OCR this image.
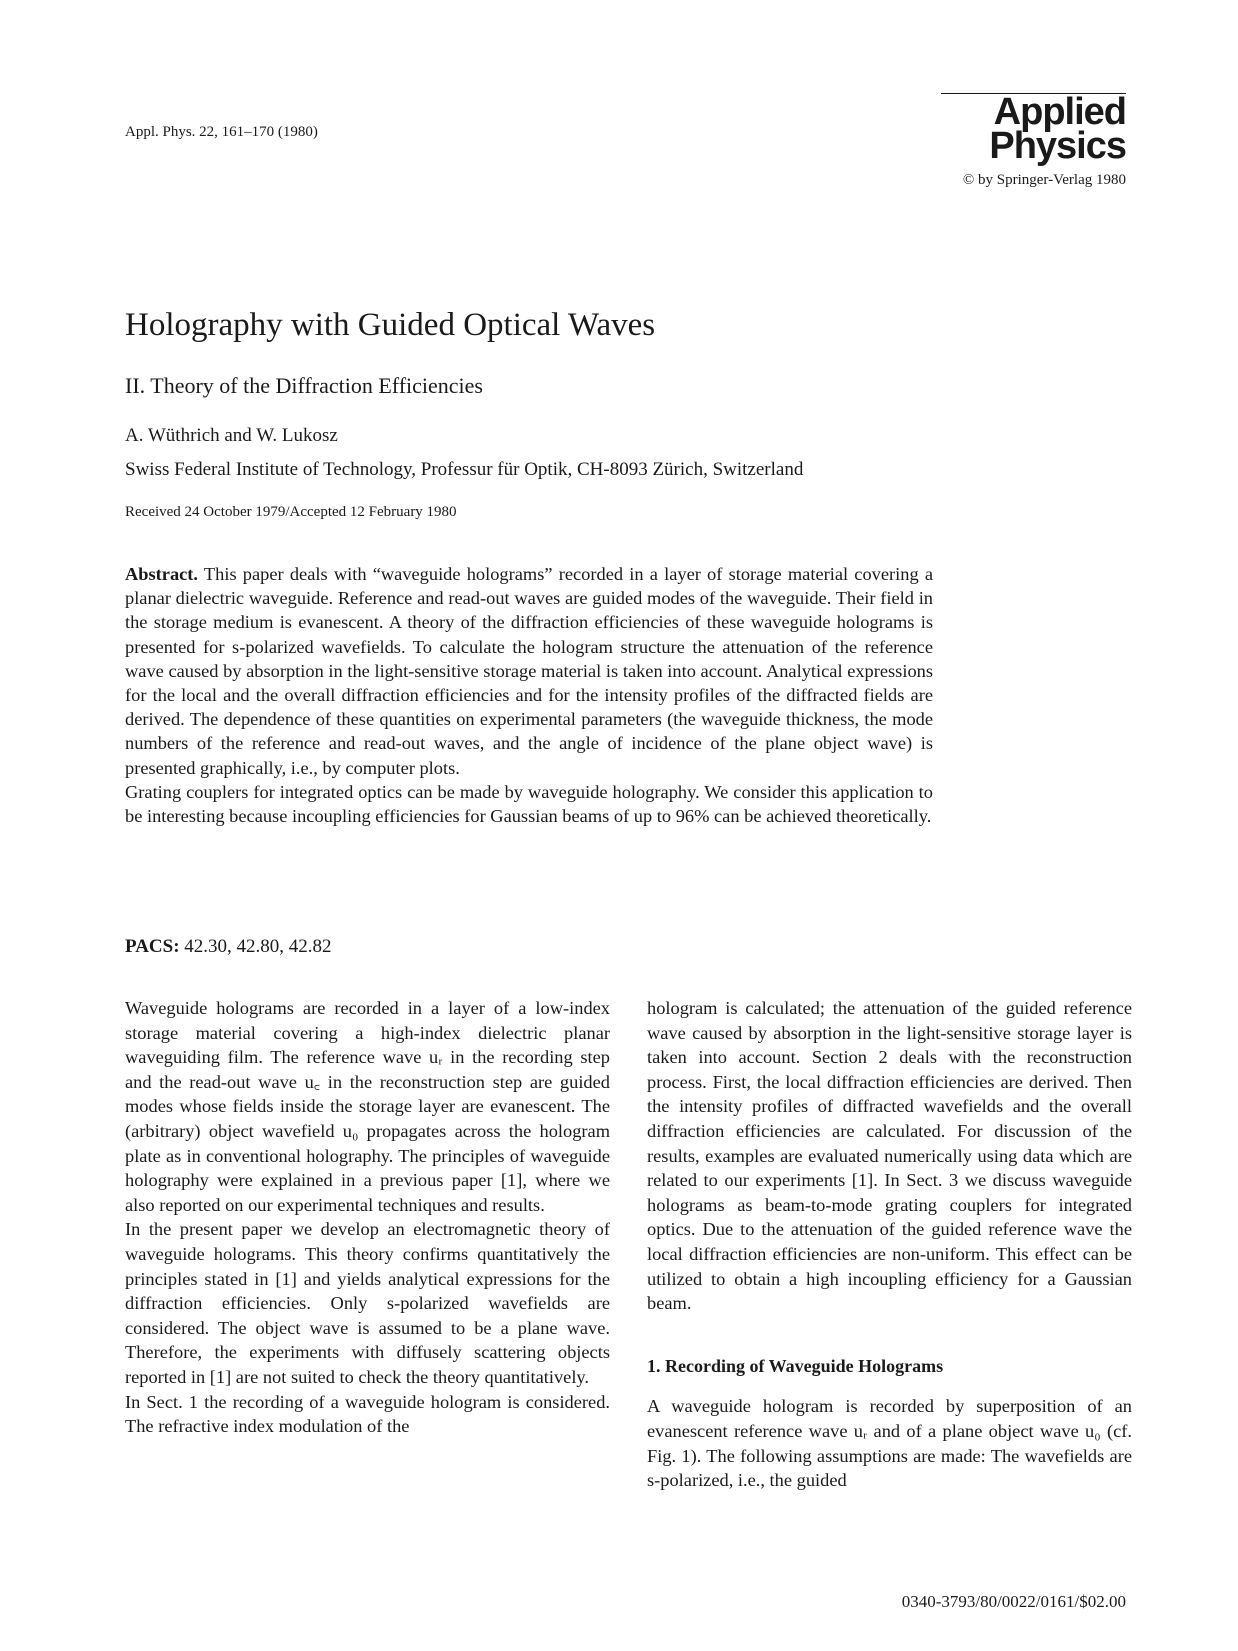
Appl. Phys. 22, 161–170 (1980)	Applied
Physics
© by Springer-Verlag 1980
Holography with Guided Optical Waves
II. Theory of the Diffraction Efficiencies
A. Wüthrich and W. Lukosz
Swiss Federal Institute of Technology, Professur für Optik, CH-8093 Zürich, Switzerland
Received 24 October 1979/Accepted 12 February 1980

Abstract. This paper deals with “waveguide holograms” recorded in a layer of storage material covering a planar dielectric waveguide. Reference and read-out waves are guided modes of the waveguide. Their field in the storage medium is evanescent. A theory of the diffraction efficiencies of these waveguide holograms is presented for s-polarized wavefields. To calculate the hologram structure the attenuation of the reference wave caused by absorption in the light-sensitive storage material is taken into account. Analytical expressions for the local and the overall diffraction efficiencies and for the intensity profiles of the diffracted fields are derived. The dependence of these quantities on experimental parameters (the waveguide thickness, the mode numbers of the reference and read-out waves, and the angle of incidence of the plane object wave) is presented graphically, i.e., by computer plots.

Grating couplers for integrated optics can be made by waveguide holography. We consider this application to be interesting because incoupling efficiencies for Gaussian beams of up to 96% can be achieved theoretically.

PACS: 42.30, 42.80, 42.82

Waveguide holograms are recorded in a layer of a low-index storage material covering a high-index dielectric planar waveguiding film. The reference wave uᵣ in the recording step and the read-out wave u꜀ in the reconstruction step are guided modes whose fields inside the storage layer are evanescent. The (arbitrary) object wavefield u₀ propagates across the hologram plate as in conventional holography. The principles of waveguide holography were explained in a previous paper [1], where we also reported on our experimental techniques and results.

In the present paper we develop an electromagnetic theory of waveguide holograms. This theory confirms quantitatively the principles stated in [1] and yields analytical expressions for the diffraction efficiencies. Only s-polarized wavefields are considered. The object wave is assumed to be a plane wave. Therefore, the experiments with diffusely scattering objects reported in [1] are not suited to check the theory quantitatively.

In Sect. 1 the recording of a waveguide hologram is considered. The refractive index modulation of the

hologram is calculated; the attenuation of the guided reference wave caused by absorption in the light-sensitive storage layer is taken into account. Section 2 deals with the reconstruction process. First, the local diffraction efficiencies are derived. Then the intensity profiles of diffracted wavefields and the overall diffraction efficiencies are calculated. For discussion of the results, examples are evaluated numerically using data which are related to our experiments [1]. In Sect. 3 we discuss waveguide holograms as beam-to-mode grating couplers for integrated optics. Due to the attenuation of the guided reference wave the local diffraction efficiencies are non-uniform. This effect can be utilized to obtain a high incoupling efficiency for a Gaussian beam.

1. Recording of Waveguide Holograms

A waveguide hologram is recorded by superposition of an evanescent reference wave uᵣ and of a plane object wave u₀ (cf. Fig. 1). The following assumptions are made: The wavefields are s-polarized, i.e., the guided

0340-3793/80/0022/0161/$02.00
